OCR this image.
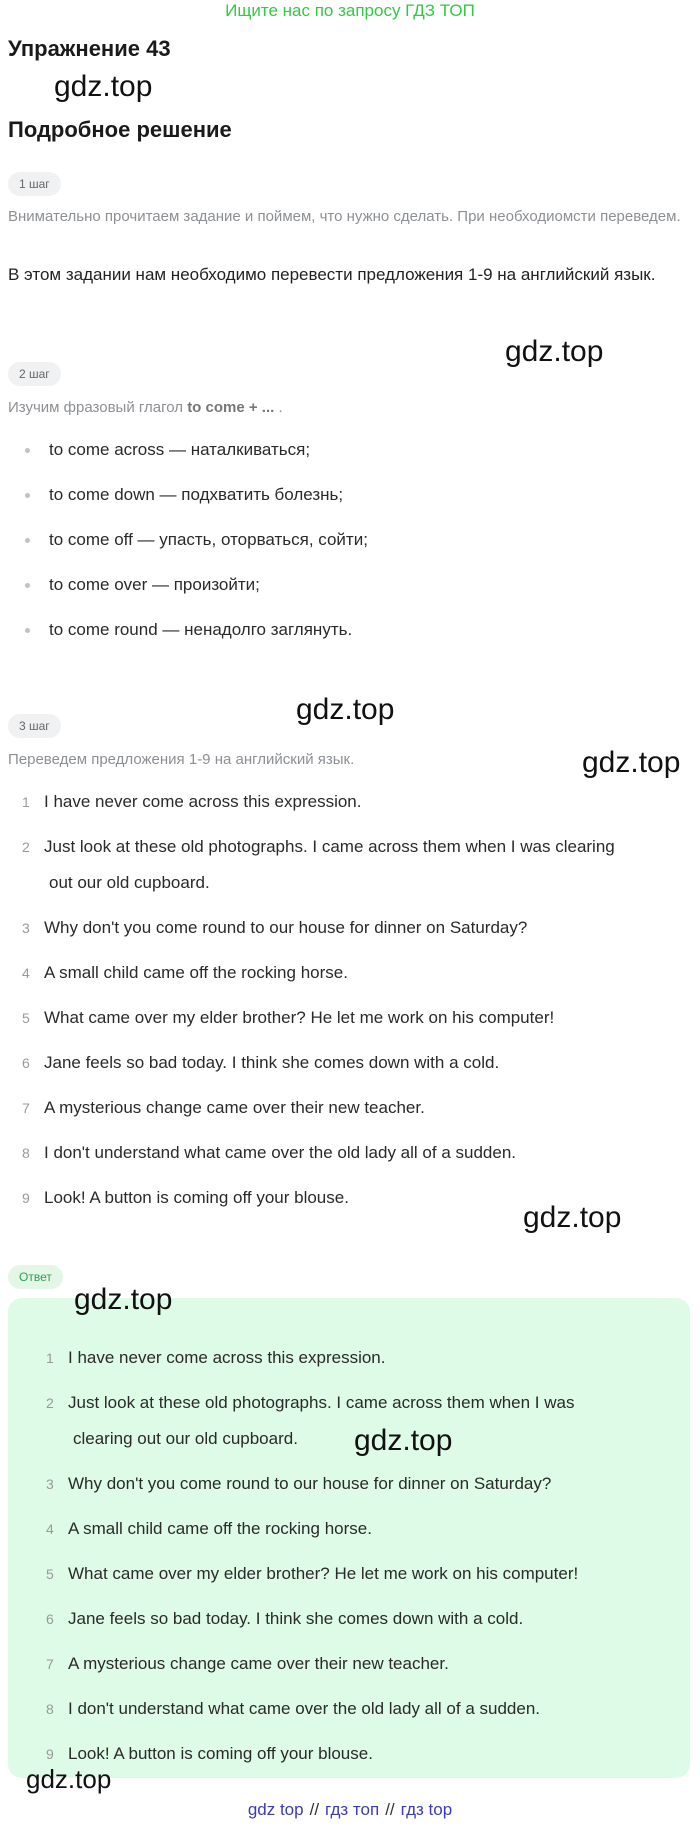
Ищите нас по запросу ГДЗ ТОП
Упражнение 43
gdz.top
Подробное решение
1 шаг
Внимательно прочитаем задание и поймем, что нужно сделать. При необходиомсти переведем.
В этом задании нам необходимо перевести предложения 1-9 на английский язык.
gdz.top
2 шаг
Изучим фразовый глагол to come + ... .
to come across — наталкиваться;
to come down — подхватить болезнь;
to come off — упасть, оторваться, сойти;
to come over — произойти;
to come round — ненадолго заглянуть.
gdz.top
3 шаг
Переведем предложения 1-9 на английский язык.	gdz.top
1 I have never come across this expression.
2 Just look at these old photographs. I came across them when I was clearing
out our old cupboard.
3 Why don't you come round to our house for dinner on Saturday?
4 A small child came off the rocking horse.
5 What came over my elder brother? He let me work on his computer!
6 Jane feels so bad today. I think she comes down with a cold.
7 A mysterious change came over their new teacher.
8 I don't understand what came over the old lady all of a sudden.
9 Look! A button is coming off your blouse.
gdz.top
Ответ
gdz.top
1 I have never come across this expression.
2 Just look at these old photographs. I came across them when I was
clearing out our old cupboard.
3 Why don't you come round to our house for dinner on Saturday?
4 A small child came off the rocking horse.
5 What came over my elder brother? He let me work on his computer!
6 Jane feels so bad today. I think she comes down with a cold.
7 A mysterious change came over their new teacher.
8 I don't understand what came over the old lady all of a sudden.
9 Look! A button is coming off your blouse.
gdz.top
gdz.top
gdz top // гдз топ // гдз top
